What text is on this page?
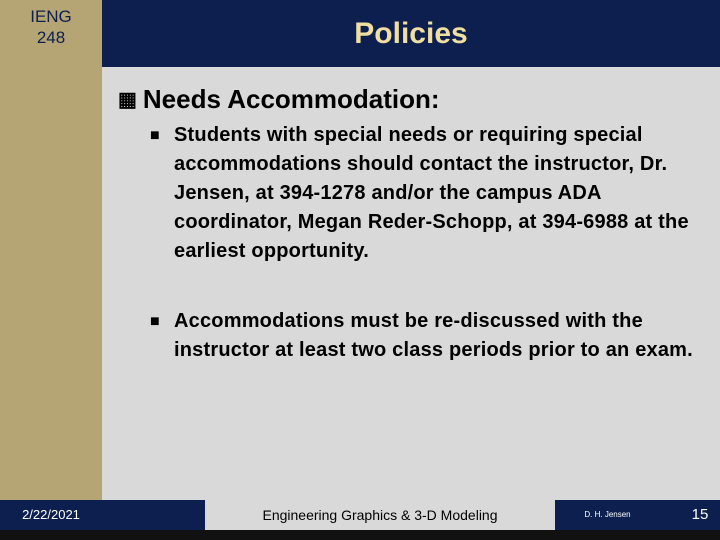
IENG
248	Policies
▦ Needs Accommodation:
■ Students with special needs or requiring special accommodations should contact the instructor, Dr. Jensen, at 394-1278 and/or the campus ADA coordinator, Megan Reder-Schopp, at 394-6988 at the earliest opportunity.
■ Accommodations must be re-discussed with the instructor at least two class periods prior to an exam.
2/22/2021	Engineering Graphics & 3-D Modeling	D. H. Jensen	15
